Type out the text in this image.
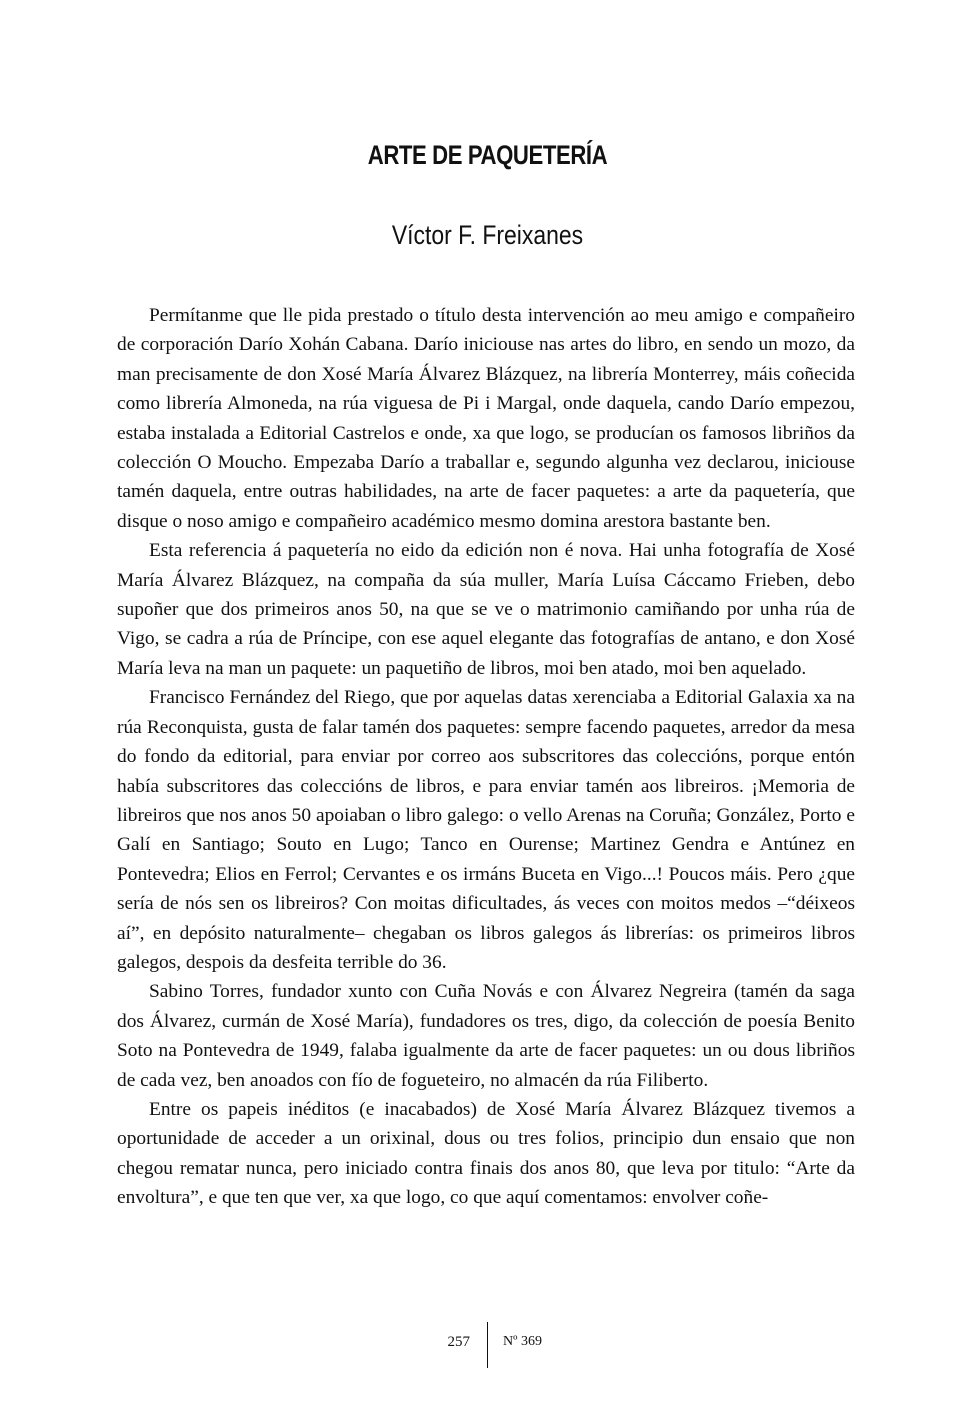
ARTE DE PAQUETERÍA
Víctor F. Freixanes

Permítanme que lle pida prestado o título desta intervención ao meu amigo e compañeiro de corporación Darío Xohán Cabana. Darío iniciouse nas artes do libro, en sendo un mozo, da man precisamente de don Xosé María Álvarez Blázquez, na librería Monterrey, máis coñecida como librería Almoneda, na rúa viguesa de Pi i Margal, onde daquela, cando Darío empezou, estaba instalada a Editorial Castrelos e onde, xa que logo, se producían os famosos libriños da colección O Moucho. Empezaba Darío a traballar e, segundo algunha vez declarou, iniciouse tamén daquela, entre outras habilidades, na arte de facer paquetes: a arte da paquetería, que disque o noso amigo e compañeiro académico mesmo domina arestora bastante ben.

Esta referencia á paquetería no eido da edición non é nova. Hai unha fotografía de Xosé María Álvarez Blázquez, na compaña da súa muller, María Luísa Cáccamo Frieben, debo supoñer que dos primeiros anos 50, na que se ve o matrimonio camiñando por unha rúa de Vigo, se cadra a rúa de Príncipe, con ese aquel elegante das fotografías de antano, e don Xosé María leva na man un paquete: un paquetiño de libros, moi ben atado, moi ben aquelado.

Francisco Fernández del Riego, que por aquelas datas xerenciaba a Editorial Galaxia xa na rúa Reconquista, gusta de falar tamén dos paquetes: sempre facendo paquetes, arredor da mesa do fondo da editorial, para enviar por correo aos subscritores das coleccións, porque entón había subscritores das coleccións de libros, e para enviar tamén aos libreiros. ¡Memoria de libreiros que nos anos 50 apoiaban o libro galego: o vello Arenas na Coruña; González, Porto e Galí en Santiago; Souto en Lugo; Tanco en Ourense; Martinez Gendra e Antúnez en Pontevedra; Elios en Ferrol; Cervantes e os irmáns Buceta en Vigo...! Poucos máis. Pero ¿que sería de nós sen os libreiros? Con moitas dificultades, ás veces con moitos medos –“déixeos aí”, en depósito naturalmente– chegaban os libros galegos ás librerías: os primeiros libros galegos, despois da desfeita terrible do 36.

Sabino Torres, fundador xunto con Cuña Novás e con Álvarez Negreira (tamén da saga dos Álvarez, curmán de Xosé María), fundadores os tres, digo, da colección de poesía Benito Soto na Pontevedra de 1949, falaba igualmente da arte de facer paquetes: un ou dous libriños de cada vez, ben anoados con fío de fogueteiro, no almacén da rúa Filiberto.

Entre os papeis inéditos (e inacabados) de Xosé María Álvarez Blázquez tivemos a oportunidade de acceder a un orixinal, dous ou tres folios, principio dun ensaio que non chegou rematar nunca, pero iniciado contra finais dos anos 80, que leva por titulo: “Arte da envoltura”, e que ten que ver, xa que logo, co que aquí comentamos: envolver coñe-

257 Nº 369
